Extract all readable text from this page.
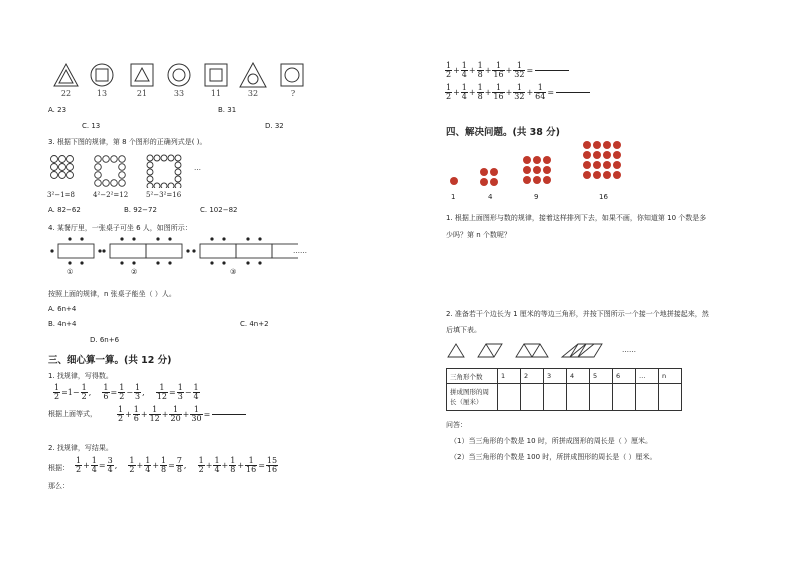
22	13	21	33	11	32	?
A. 23
C. 13
B. 31
D. 32
3. 根据下图的规律，第 8 个图形的正确列式是( )。
…
3²−1=8	4²−2²=12	5²−3²=16
A. 82−62	B. 92−72	C. 102−82
4. 某餐厅里，一张桌子可坐 6 人，如图所示：
……
①	②	③
按照上面的规律，n 张桌子能坐（ ）人。
A. 6n+4
B. 4n+4	C. 4n+2
D. 6n+6
三、细心算一算。(共 12 分)
1. 找规律，写得数。
$\frac{1}{2} =1- \frac{1}{2}$ , $\frac{1}{6} = \frac{1}{2} - \frac{1}{3}$ , $\frac{1}{12} = \frac{1}{3} - \frac{1}{4}$
根据上面等式，	$\frac{1}{2} + \frac{1}{6} + \frac{1}{12} + \frac{1}{20} + \frac{1}{30}$ =
2. 找规律，写结果。
根据： $\frac{1}{2} + \frac{1}{4} = \frac{3}{4}$ , $\frac{1}{2} + \frac{1}{4} + \frac{1}{8} = \frac{7}{8}$ , $\frac{1}{2} + \frac{1}{4} + \frac{1}{8} + \frac{1}{16} = \frac{15}{16}$
那么：
$\frac{1}{2} + \frac{1}{4} + \frac{1}{8} + \frac{1}{16} + \frac{1}{32}$ =
$\frac{1}{2} + \frac{1}{4} + \frac{1}{8} + \frac{1}{16} + \frac{1}{32} + \frac{1}{64}$ =
四、解决问题。(共 38 分)
1	4	9	16
1. 根据上面图形与数的规律，接着这样排列下去，如果不画，你知道第 10 个数是多
少吗？第 n 个数呢？
2. 准备若干个边长为 1 厘米的等边三角形，并按下图所示一个接一个地拼接起来，然
后填下表。
……
三角形个数	1	2	3	4	5	6	…	n
拼成图形的周
长（厘米）								
问答：
（1）当三角形的个数是 10 时，所拼成图形的周长是（ ）厘米。
（2）当三角形的个数是 100 时，所拼成图形的周长是（ ）厘米。
